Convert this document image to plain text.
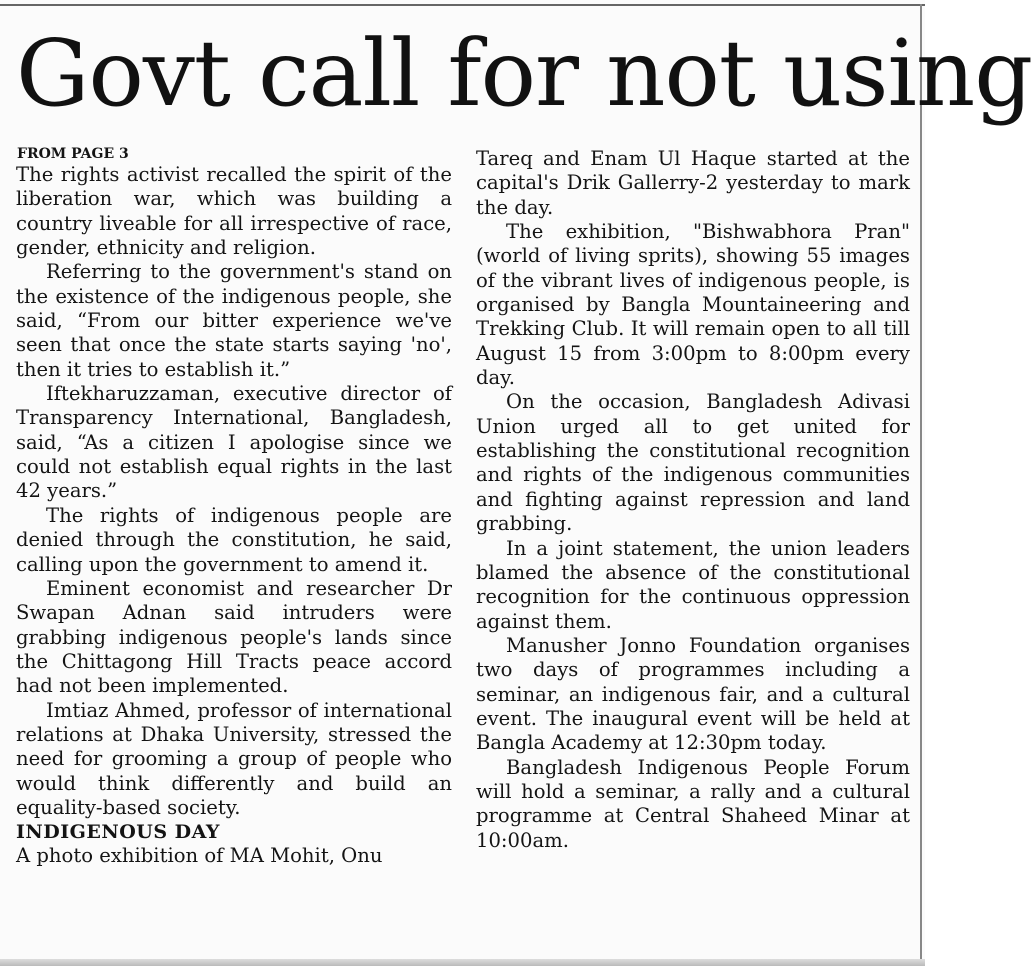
Govt call for not using
FROM PAGE 3

The rights activist recalled the spirit of the liberation war, which was building a country liveable for all irrespective of race, gender, ethnicity and religion.

Referring to the government's stand on the existence of the indigenous people, she said, “From our bitter experience we've seen that once the state starts saying 'no', then it tries to establish it.”

Iftekharuzzaman, executive director of Transparency International, Bangladesh, said, “As a citizen I apologise since we could not establish equal rights in the last 42 years.”

The rights of indigenous people are denied through the constitution, he said, calling upon the government to amend it.

Eminent economist and researcher Dr Swapan Adnan said intruders were grabbing indigenous people's lands since the Chittagong Hill Tracts peace accord had not been implemented.

Imtiaz Ahmed, professor of international relations at Dhaka University, stressed the need for grooming a group of people who would think differently and build an equality-based society.

INDIGENOUS DAY

A photo exhibition of MA Mohit, Onu

Tareq and Enam Ul Haque started at the capital's Drik Gallerry-2 yesterday to mark the day.

The exhibition, "Bishwabhora Pran" (world of living sprits), showing 55 images of the vibrant lives of indigenous people, is organised by Bangla Mountaineering and Trekking Club. It will remain open to all till August 15 from 3:00pm to 8:00pm every day.

On the occasion, Bangladesh Adivasi Union urged all to get united for establishing the constitutional recognition and rights of the indigenous communities and fighting against repression and land grabbing.

In a joint statement, the union leaders blamed the absence of the constitutional recognition for the continuous oppression against them.

Manusher Jonno Foundation organises two days of programmes including a seminar, an indigenous fair, and a cultural event. The inaugural event will be held at Bangla Academy at 12:30pm today.

Bangladesh Indigenous People Forum will hold a seminar, a rally and a cultural programme at Central Shaheed Minar at 10:00am.
